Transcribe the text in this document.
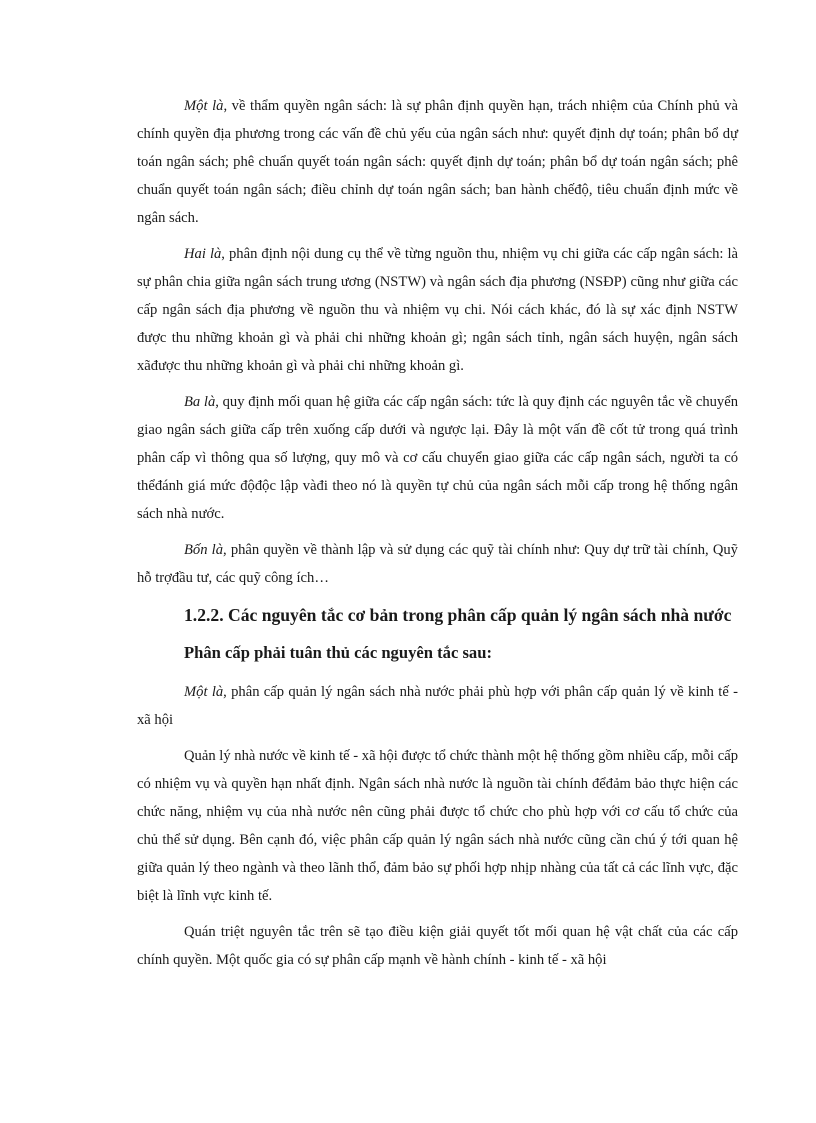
Một là, về thẩm quyền ngân sách: là sự phân định quyền hạn, trách nhiệm của Chính phủ và chính quyền địa phương trong các vấn đề chủ yếu của ngân sách như: quyết định dự toán; phân bổ dự toán ngân sách; phê chuẩn quyết toán ngân sách: quyết định dự toán; phân bổ dự toán ngân sách; phê chuẩn quyết toán ngân sách; điều chỉnh dự toán ngân sách; ban hành chếđộ, tiêu chuẩn định mức về ngân sách.

Hai là, phân định nội dung cụ thể về từng nguồn thu, nhiệm vụ chi giữa các cấp ngân sách: là sự phân chia giữa ngân sách trung ương (NSTW) và ngân sách địa phương (NSĐP) cũng như giữa các cấp ngân sách địa phương về nguồn thu và nhiệm vụ chi. Nói cách khác, đó là sự xác định NSTW được thu những khoản gì và phải chi những khoản gì; ngân sách tỉnh, ngân sách huyện, ngân sách xãđược thu những khoản gì và phải chi những khoản gì.

Ba là, quy định mối quan hệ giữa các cấp ngân sách: tức là quy định các nguyên tắc về chuyển giao ngân sách giữa cấp trên xuống cấp dưới và ngược lại. Đây là một vấn đề cốt tử trong quá trình phân cấp vì thông qua số lượng, quy mô và cơ cấu chuyển giao giữa các cấp ngân sách, người ta có thểđánh giá mức độđộc lập vàđi theo nó là quyền tự chủ của ngân sách mỗi cấp trong hệ thống ngân sách nhà nước.

Bốn là, phân quyền về thành lập và sử dụng các quỹ tài chính như: Quy dự trữ tài chính, Quỹ hỗ trợđầu tư, các quỹ công ích…

1.2.2. Các nguyên tắc cơ bản trong phân cấp quản lý ngân sách nhà nước
Phân cấp phải tuân thủ các nguyên tắc sau:

Một là, phân cấp quản lý ngân sách nhà nước phải phù hợp với phân cấp quản lý về kinh tế - xã hội

Quản lý nhà nước về kinh tế - xã hội được tổ chức thành một hệ thống gồm nhiều cấp, mỗi cấp có nhiệm vụ và quyền hạn nhất định. Ngân sách nhà nước là nguồn tài chính đểđảm bảo thực hiện các chức năng, nhiệm vụ của nhà nước nên cũng phải được tổ chức cho phù hợp với cơ cấu tổ chức của chủ thể sử dụng. Bên cạnh đó, việc phân cấp quản lý ngân sách nhà nước cũng cần chú ý tới quan hệ giữa quản lý theo ngành và theo lãnh thổ, đảm bảo sự phối hợp nhịp nhàng của tất cả các lĩnh vực, đặc biệt là lĩnh vực kinh tế.

Quán triệt nguyên tắc trên sẽ tạo điều kiện giải quyết tốt mối quan hệ vật chất của các cấp chính quyền. Một quốc gia có sự phân cấp mạnh về hành chính - kinh tế - xã hội
